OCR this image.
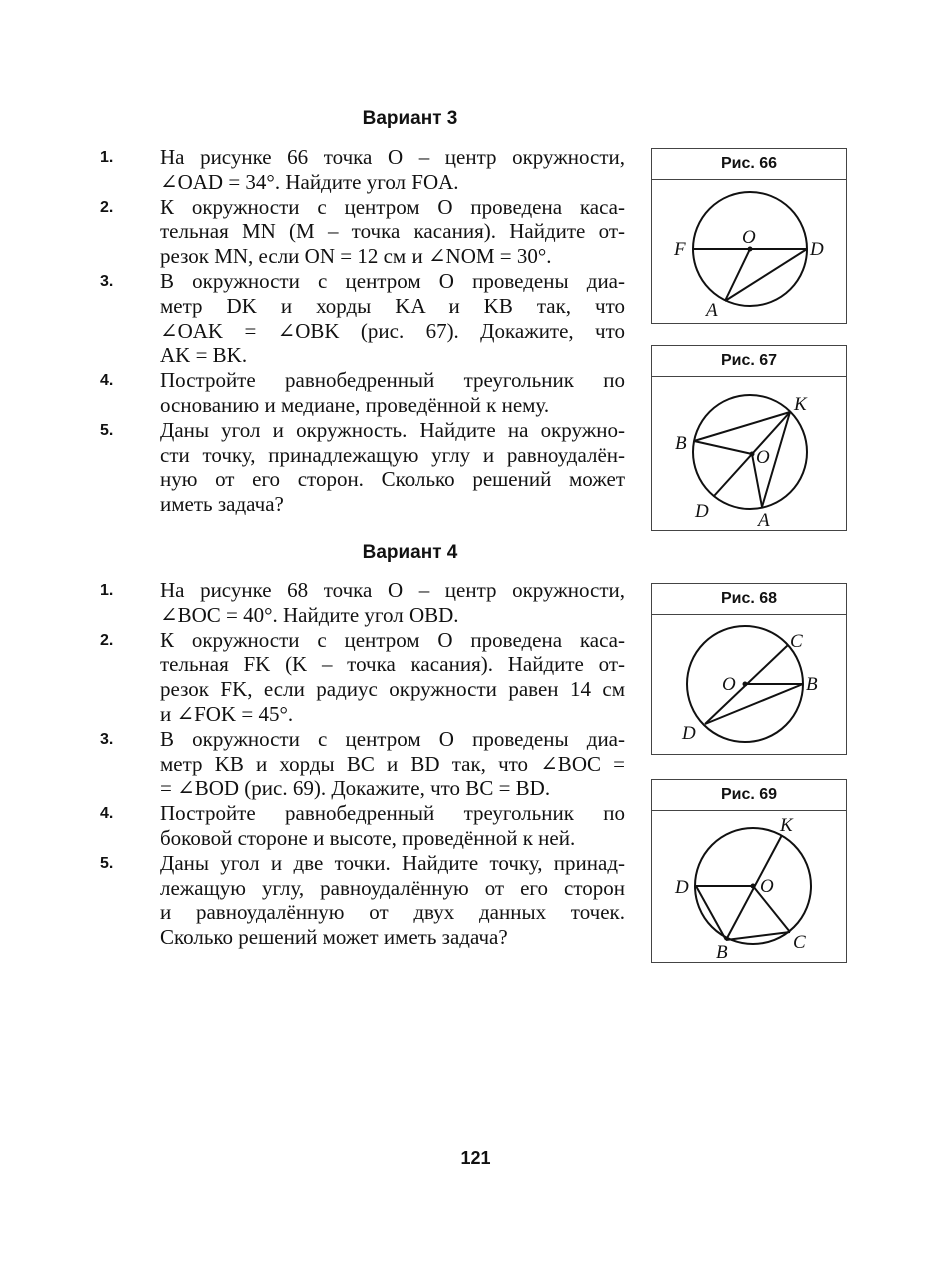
Вариант 3
1.	На рисунке 66 точка O – центр окружности,
∠OAD = 34°. Найдите угол FOA.
2.	К окружности с центром O проведена каса-
тельная MN (M – точка касания). Найдите от-
резок MN, если ON = 12 см и ∠NOM = 30°.
3.	В окружности с центром O проведены диа-
метр DK и хорды KA и KB так, что
∠OAK = ∠OBK (рис. 67). Докажите, что
AK = BK.
4.	Постройте равнобедренный треугольник по
основанию и медиане, проведённой к нему.
5.	Даны угол и окружность. Найдите на окружно-
сти точку, принадлежащую углу и равноудалён-
ную от его сторон. Сколько решений может
иметь задача?
Вариант 4
1.	На рисунке 68 точка O – центр окружности,
∠BOC = 40°. Найдите угол OBD.
2.	К окружности с центром O проведена каса-
тельная FK (K – точка касания). Найдите от-
резок FK, если радиус окружности равен 14 см
и ∠FOK = 45°.
3.	В окружности с центром O проведены диа-
метр KB и хорды BC и BD так, что ∠BOC =
= ∠BOD (рис. 69). Докажите, что BC = BD.
4.	Постройте равнобедренный треугольник по
боковой стороне и высоте, проведённой к ней.
5.	Даны угол и две точки. Найдите точку, принад-
лежащую углу, равноудалённую от его сторон
и равноудалённую от двух данных точек.
Сколько решений может иметь задача?
Рис. 66
O
F	D
A
Рис. 67
K
B
O
D	A
Рис. 68
C
O	B
D
Рис. 69
K
D	O
B	C
121
